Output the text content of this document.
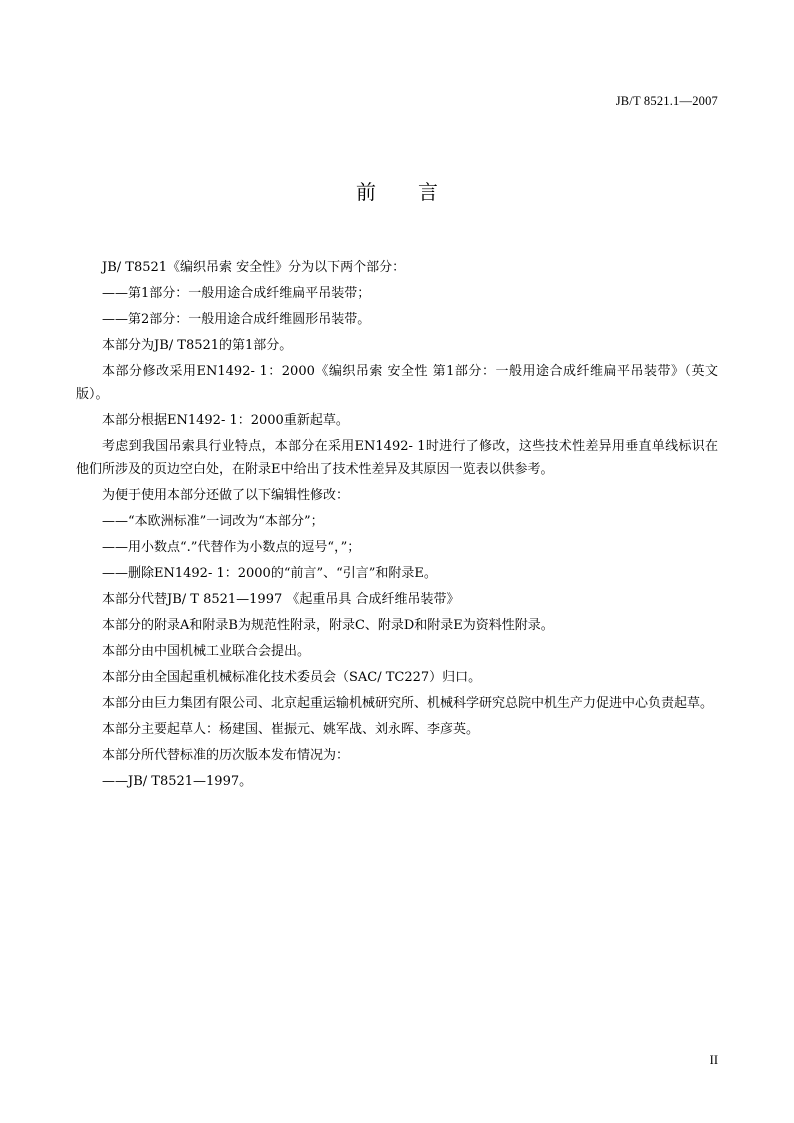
JB/T 8521.1—2007
前 言

JB/ T8521《编织吊索 安全性》分为以下两个部分：

——第1部分：一般用途合成纤维扁平吊装带；

——第2部分：一般用途合成纤维圆形吊装带。

本部分为JB/ T8521的第1部分。

本部分修改采用EN1492- 1：2000《编织吊索 安全性 第1部分：一般用途合成纤维扁平吊装带》（英文版）。

本部分根据EN1492- 1：2000重新起草。

考虑到我国吊索具行业特点，本部分在采用EN1492- 1时进行了修改，这些技术性差异用垂直单线标识在他们所涉及的页边空白处，在附录E中给出了技术性差异及其原因一览表以供参考。

为便于使用本部分还做了以下编辑性修改：

——“本欧洲标准”一词改为“本部分”；

——用小数点“.”代替作为小数点的逗号“，”；

——删除EN1492- 1：2000的“前言”、“引言”和附录E。

本部分代替JB/ T 8521—1997 《起重吊具 合成纤维吊装带》

本部分的附录A和附录B为规范性附录，附录C、附录D和附录E为资料性附录。

本部分由中国机械工业联合会提出。

本部分由全国起重机械标准化技术委员会（SAC/ TC227）归口。

本部分由巨力集团有限公司、北京起重运输机械研究所、机械科学研究总院中机生产力促进中心负责起草。

本部分主要起草人：杨建国、崔振元、姚军战、刘永晖、李彦英。

本部分所代替标准的历次版本发布情况为：

——JB/ T8521—1997。

II
